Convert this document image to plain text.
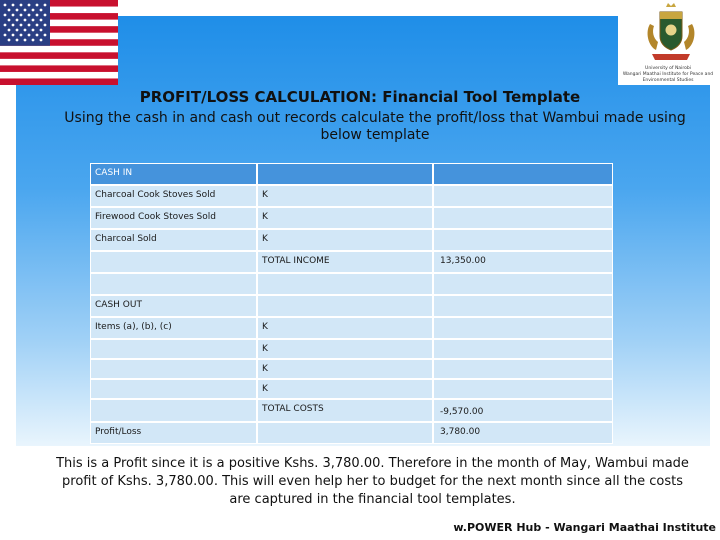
University of Nairobi
Wangari Maathai Institute for Peace and
Environmental Studies
PROFIT/LOSS CALCULATION: Financial Tool Template
Using the cash in and cash out records calculate the profit/loss that Wambui made using below template
CASH IN
Charcoal Cook Stoves Sold	K
Firewood Cook Stoves Sold	K
Charcoal Sold	K
TOTAL INCOME	13,350.00
CASH OUT
Items (a), (b), (c)	K
K
K
K
TOTAL COSTS	-9,570.00
Profit/Loss	3,780.00
This is a Profit since it is a positive Kshs. 3,780.00. Therefore in the month of May, Wambui made profit of Kshs. 3,780.00. This will even help her to budget for the next month since all the costs are captured in the financial tool templates.
w.POWER Hub - Wangari Maathai Institute
